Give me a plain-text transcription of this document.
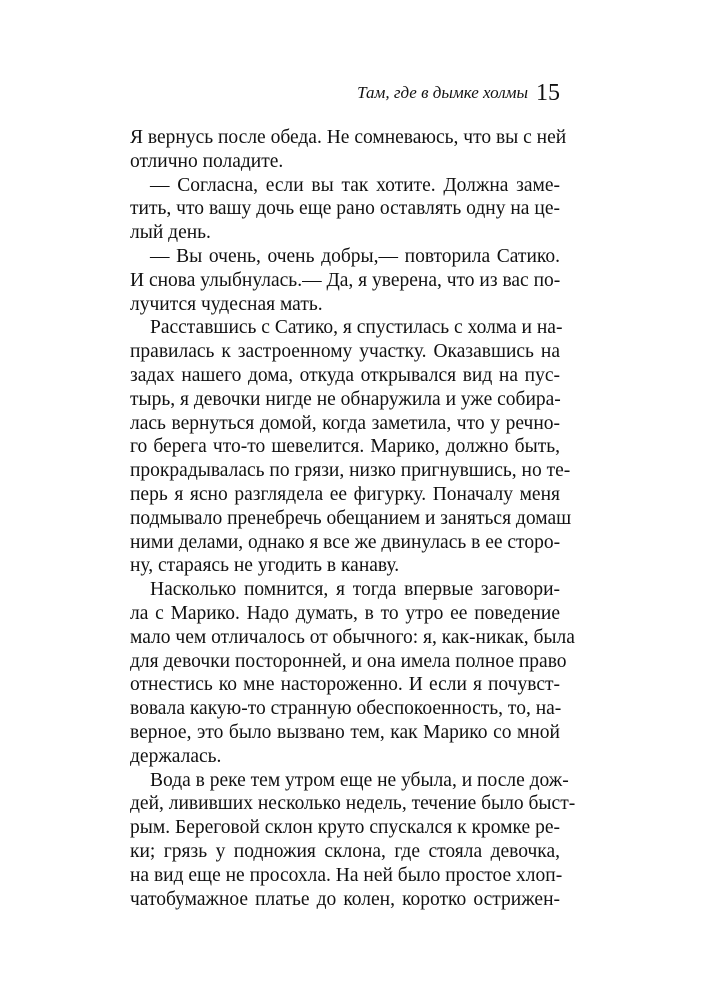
Там, где в дымке холмы 15
Я вернусь после обеда. Не сомневаюсь, что вы с ней
отлично поладите.
— Согласна, если вы так хотите. Должна заме-
тить, что вашу дочь еще рано оставлять одну на це-
лый день.
— Вы очень, очень добры,— повторила Сатико.
И снова улыбнулась.— Да, я уверена, что из вас по-
лучится чудесная мать.
Расставшись с Сатико, я спустилась с холма и на-
правилась к застроенному участку. Оказавшись на
задах нашего дома, откуда открывался вид на пус-
тырь, я девочки нигде не обнаружила и уже собира-
лась вернуться домой, когда заметила, что у речно-
го берега что-то шевелится. Марико, должно быть,
прокрадывалась по грязи, низко пригнувшись, но те-
перь я ясно разглядела ее фигурку. Поначалу меня
подмывало пренебречь обещанием и заняться домаш
ними делами, однако я все же двинулась в ее сторо-
ну, стараясь не угодить в канаву.
Насколько помнится, я тогда впервые заговори-
ла с Марико. Надо думать, в то утро ее поведение
мало чем отличалось от обычного: я, как-никак, была
для девочки посторонней, и она имела полное право
отнестись ко мне настороженно. И если я почувст-
вовала какую-то странную обеспокоенность, то, на-
верное, это было вызвано тем, как Марико со мной
держалась.
Вода в реке тем утром еще не убыла, и после дож-
дей, лививших несколько недель, течение было быст-
рым. Береговой склон круто спускался к кромке ре-
ки; грязь у подножия склона, где стояла девочка,
на вид еще не просохла. На ней было простое хлоп-
чатобумажное платье до колен, коротко острижен-
